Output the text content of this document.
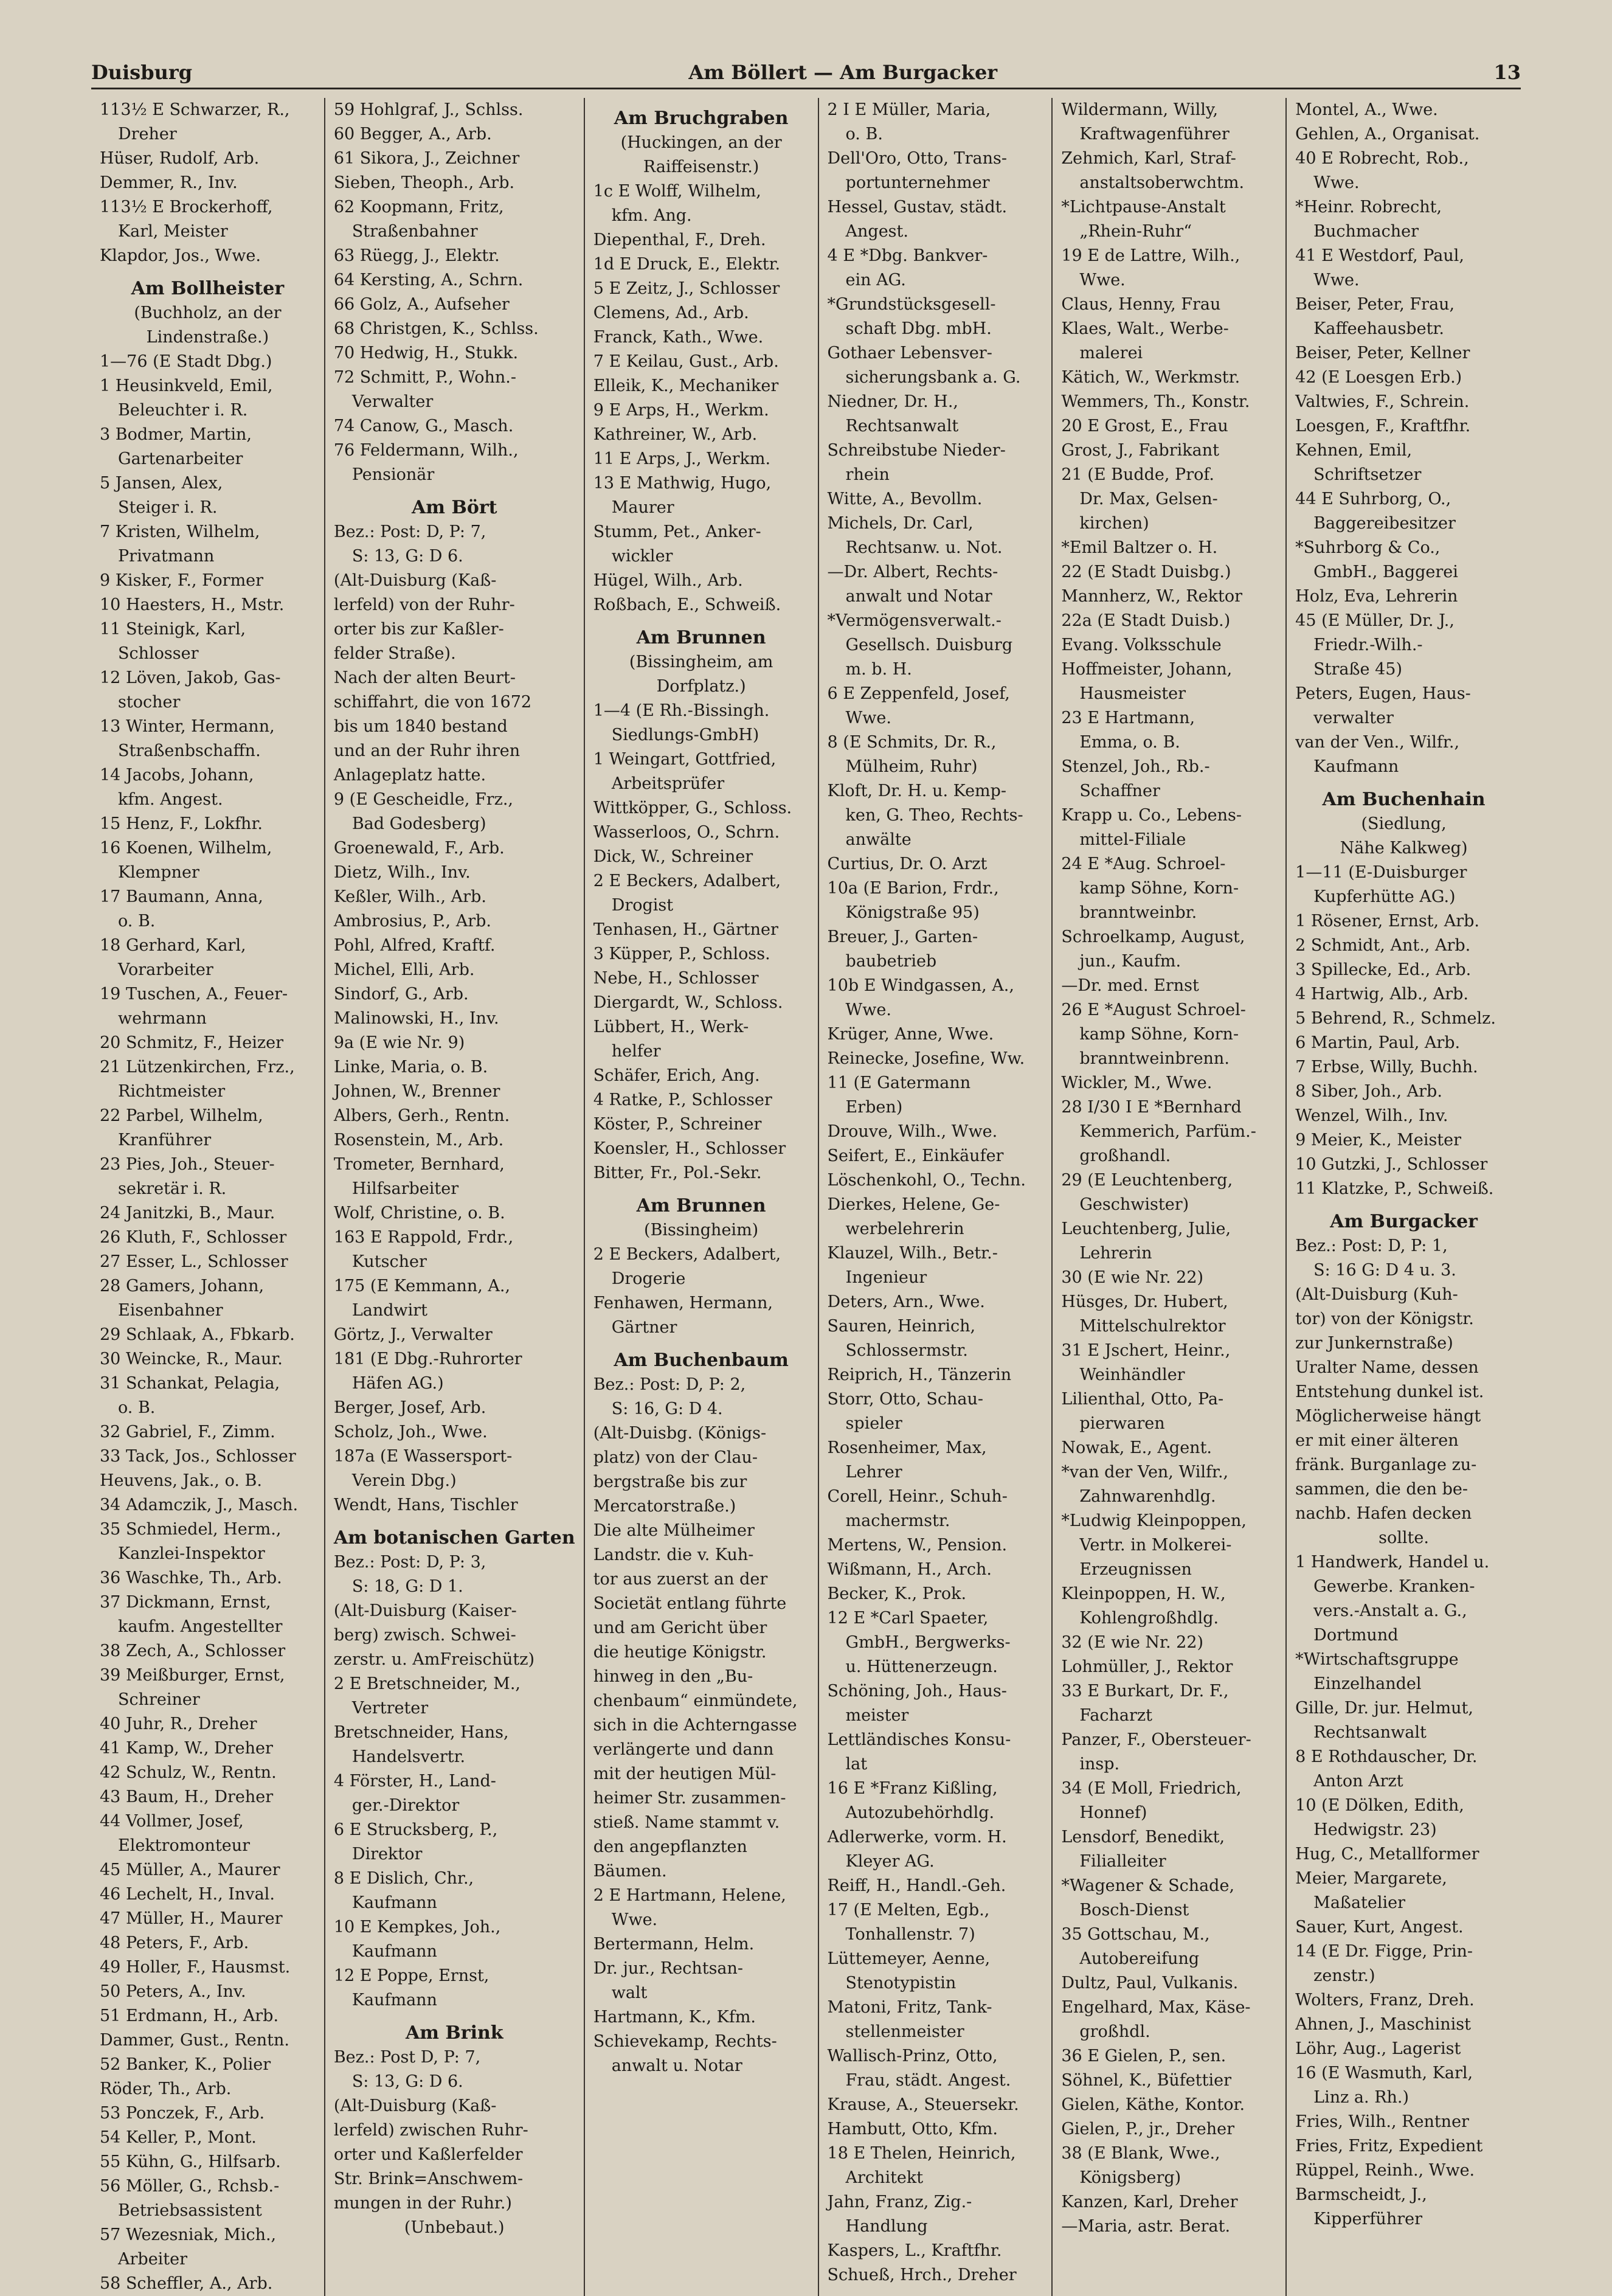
Duisburg	Am Böllert — Am Burgacker	13
113½ E Schwarzer, R.,
Dreher
Hüser, Rudolf, Arb.
Demmer, R., Inv.
113½ E Brockerhoff,
Karl, Meister
Klapdor, Jos., Wwe.
Am Bollheister
(Buchholz, an der
Lindenstraße.)
1—76 (E Stadt Dbg.)
1 Heusinkveld, Emil,
Beleuchter i. R.
3 Bodmer, Martin,
Gartenarbeiter
5 Jansen, Alex,
Steiger i. R.
7 Kristen, Wilhelm,
Privatmann
9 Kisker, F., Former
10 Haesters, H., Mstr.
11 Steinigk, Karl,
Schlosser
12 Löven, Jakob, Gas-
stocher
13 Winter, Hermann,
Straßenbschaffn.
14 Jacobs, Johann,
kfm. Angest.
15 Henz, F., Lokfhr.
16 Koenen, Wilhelm,
Klempner
17 Baumann, Anna,
o. B.
18 Gerhard, Karl,
Vorarbeiter
19 Tuschen, A., Feuer-
wehrmann
20 Schmitz, F., Heizer
21 Lützenkirchen, Frz.,
Richtmeister
22 Parbel, Wilhelm,
Kranführer
23 Pies, Joh., Steuer-
sekretär i. R.
24 Janitzki, B., Maur.
26 Kluth, F., Schlosser
27 Esser, L., Schlosser
28 Gamers, Johann,
Eisenbahner
29 Schlaak, A., Fbkarb.
30 Weincke, R., Maur.
31 Schankat, Pelagia,
o. B.
32 Gabriel, F., Zimm.
33 Tack, Jos., Schlosser
Heuvens, Jak., o. B.
34 Adamczik, J., Masch.
35 Schmiedel, Herm.,
Kanzlei-Inspektor
36 Waschke, Th., Arb.
37 Dickmann, Ernst,
kaufm. Angestellter
38 Zech, A., Schlosser
39 Meißburger, Ernst,
Schreiner
40 Juhr, R., Dreher
41 Kamp, W., Dreher
42 Schulz, W., Rentn.
43 Baum, H., Dreher
44 Vollmer, Josef,
Elektromonteur
45 Müller, A., Maurer
46 Lechelt, H., Inval.
47 Müller, H., Maurer
48 Peters, F., Arb.
49 Holler, F., Hausmst.
50 Peters, A., Inv.
51 Erdmann, H., Arb.
Dammer, Gust., Rentn.
52 Banker, K., Polier
Röder, Th., Arb.
53 Ponczek, F., Arb.
54 Keller, P., Mont.
55 Kühn, G., Hilfsarb.
56 Möller, G., Rchsb.-
Betriebsassistent
57 Wezesniak, Mich.,
Arbeiter
58 Scheffler, A., Arb.
59 Hohlgraf, J., Schlss.
60 Begger, A., Arb.
61 Sikora, J., Zeichner
Sieben, Theoph., Arb.
62 Koopmann, Fritz,
Straßenbahner
63 Rüegg, J., Elektr.
64 Kersting, A., Schrn.
66 Golz, A., Aufseher
68 Christgen, K., Schlss.
70 Hedwig, H., Stukk.
72 Schmitt, P., Wohn.-
Verwalter
74 Canow, G., Masch.
76 Feldermann, Wilh.,
Pensionär
Am Bört
Bez.: Post: D, P: 7,
S: 13, G: D 6.
(Alt-Duisburg (Kaß-
lerfeld) von der Ruhr-
orter bis zur Kaßler-
felder Straße).
Nach der alten Beurt-
schiffahrt, die von 1672
bis um 1840 bestand
und an der Ruhr ihren
Anlageplatz hatte.
9 (E Gescheidle, Frz.,
Bad Godesberg)
Groenewald, F., Arb.
Dietz, Wilh., Inv.
Keßler, Wilh., Arb.
Ambrosius, P., Arb.
Pohl, Alfred, Kraftf.
Michel, Elli, Arb.
Sindorf, G., Arb.
Malinowski, H., Inv.
9a (E wie Nr. 9)
Linke, Maria, o. B.
Johnen, W., Brenner
Albers, Gerh., Rentn.
Rosenstein, M., Arb.
Trometer, Bernhard,
Hilfsarbeiter
Wolf, Christine, o. B.
163 E Rappold, Frdr.,
Kutscher
175 (E Kemmann, A.,
Landwirt
Görtz, J., Verwalter
181 (E Dbg.-Ruhrorter
Häfen AG.)
Berger, Josef, Arb.
Scholz, Joh., Wwe.
187a (E Wassersport-
Verein Dbg.)
Wendt, Hans, Tischler
Am botanischen Garten
Bez.: Post: D, P: 3,
S: 18, G: D 1.
(Alt-Duisburg (Kaiser-
berg) zwisch. Schwei-
zerstr. u. AmFreischütz)
2 E Bretschneider, M.,
Vertreter
Bretschneider, Hans,
Handelsvertr.
4 Förster, H., Land-
ger.-Direktor
6 E Strucksberg, P.,
Direktor
8 E Dislich, Chr.,
Kaufmann
10 E Kempkes, Joh.,
Kaufmann
12 E Poppe, Ernst,
Kaufmann
Am Brink
Bez.: Post D, P: 7,
S: 13, G: D 6.
(Alt-Duisburg (Kaß-
lerfeld) zwischen Ruhr-
orter und Kaßlerfelder
Str. Brink=Anschwem-
mungen in der Ruhr.)
(Unbebaut.)
Am Bruchgraben
(Huckingen, an der
Raiffeisenstr.)
1c E Wolff, Wilhelm,
kfm. Ang.
Diepenthal, F., Dreh.
1d E Druck, E., Elektr.
5 E Zeitz, J., Schlosser
Clemens, Ad., Arb.
Franck, Kath., Wwe.
7 E Keilau, Gust., Arb.
Elleik, K., Mechaniker
9 E Arps, H., Werkm.
Kathreiner, W., Arb.
11 E Arps, J., Werkm.
13 E Mathwig, Hugo,
Maurer
Stumm, Pet., Anker-
wickler
Hügel, Wilh., Arb.
Roßbach, E., Schweiß.
Am Brunnen
(Bissingheim, am
Dorfplatz.)
1—4 (E Rh.-Bissingh.
Siedlungs-GmbH)
1 Weingart, Gottfried,
Arbeitsprüfer
Wittköpper, G., Schloss.
Wasserloos, O., Schrn.
Dick, W., Schreiner
2 E Beckers, Adalbert,
Drogist
Tenhasen, H., Gärtner
3 Küpper, P., Schloss.
Nebe, H., Schlosser
Diergardt, W., Schloss.
Lübbert, H., Werk-
helfer
Schäfer, Erich, Ang.
4 Ratke, P., Schlosser
Köster, P., Schreiner
Koensler, H., Schlosser
Bitter, Fr., Pol.-Sekr.
Am Brunnen
(Bissingheim)
2 E Beckers, Adalbert,
Drogerie
Fenhawen, Hermann,
Gärtner
Am Buchenbaum
Bez.: Post: D, P: 2,
S: 16, G: D 4.
(Alt-Duisbg. (Königs-
platz) von der Clau-
bergstraße bis zur
Mercatorstraße.)
Die alte Mülheimer
Landstr. die v. Kuh-
tor aus zuerst an der
Societät entlang führte
und am Gericht über
die heutige Königstr.
hinweg in den „Bu-
chenbaum“ einmündete,
sich in die Achterngasse
verlängerte und dann
mit der heutigen Mül-
heimer Str. zusammen-
stieß. Name stammt v.
den angepflanzten
Bäumen.
2 E Hartmann, Helene,
Wwe.
Bertermann, Helm.
Dr. jur., Rechtsan-
walt
Hartmann, K., Kfm.
Schievekamp, Rechts-
anwalt u. Notar
2 I E Müller, Maria,
o. B.
Dell'Oro, Otto, Trans-
portunternehmer
Hessel, Gustav, städt.
Angest.
4 E *Dbg. Bankver-
ein AG.
*Grundstücksgesell-
schaft Dbg. mbH.
Gothaer Lebensver-
sicherungsbank a. G.
Niedner, Dr. H.,
Rechtsanwalt
Schreibstube Nieder-
rhein
Witte, A., Bevollm.
Michels, Dr. Carl,
Rechtsanw. u. Not.
—Dr. Albert, Rechts-
anwalt und Notar
*Vermögensverwalt.-
Gesellsch. Duisburg
m. b. H.
6 E Zeppenfeld, Josef,
Wwe.
8 (E Schmits, Dr. R.,
Mülheim, Ruhr)
Kloft, Dr. H. u. Kemp-
ken, G. Theo, Rechts-
anwälte
Curtius, Dr. O. Arzt
10a (E Barion, Frdr.,
Königstraße 95)
Breuer, J., Garten-
baubetrieb
10b E Windgassen, A.,
Wwe.
Krüger, Anne, Wwe.
Reinecke, Josefine, Ww.
11 (E Gatermann
Erben)
Drouve, Wilh., Wwe.
Seifert, E., Einkäufer
Löschenkohl, O., Techn.
Dierkes, Helene, Ge-
werbelehrerin
Klauzel, Wilh., Betr.-
Ingenieur
Deters, Arn., Wwe.
Sauren, Heinrich,
Schlossermstr.
Reiprich, H., Tänzerin
Storr, Otto, Schau-
spieler
Rosenheimer, Max,
Lehrer
Corell, Heinr., Schuh-
machermstr.
Mertens, W., Pension.
Wißmann, H., Arch.
Becker, K., Prok.
12 E *Carl Spaeter,
GmbH., Bergwerks-
u. Hüttenerzeugn.
Schöning, Joh., Haus-
meister
Lettländisches Konsu-
lat
16 E *Franz Kißling,
Autozubehörhdlg.
Adlerwerke, vorm. H.
Kleyer AG.
Reiff, H., Handl.-Geh.
17 (E Melten, Egb.,
Tonhallenstr. 7)
Lüttemeyer, Aenne,
Stenotypistin
Matoni, Fritz, Tank-
stellenmeister
Wallisch-Prinz, Otto,
Frau, städt. Angest.
Krause, A., Steuersekr.
Hambutt, Otto, Kfm.
18 E Thelen, Heinrich,
Architekt
Jahn, Franz, Zig.-
Handlung
Kaspers, L., Kraftfhr.
Schueß, Hrch., Dreher
Wildermann, Willy,
Kraftwagenführer
Zehmich, Karl, Straf-
anstaltsoberwchtm.
*Lichtpause-Anstalt
„Rhein-Ruhr“
19 E de Lattre, Wilh.,
Wwe.
Claus, Henny, Frau
Klaes, Walt., Werbe-
malerei
Kätich, W., Werkmstr.
Wemmers, Th., Konstr.
20 E Grost, E., Frau
Grost, J., Fabrikant
21 (E Budde, Prof.
Dr. Max, Gelsen-
kirchen)
*Emil Baltzer o. H.
22 (E Stadt Duisbg.)
Mannherz, W., Rektor
22a (E Stadt Duisb.)
Evang. Volksschule
Hoffmeister, Johann,
Hausmeister
23 E Hartmann,
Emma, o. B.
Stenzel, Joh., Rb.-
Schaffner
Krapp u. Co., Lebens-
mittel-Filiale
24 E *Aug. Schroel-
kamp Söhne, Korn-
branntweinbr.
Schroelkamp, August,
jun., Kaufm.
—Dr. med. Ernst
26 E *August Schroel-
kamp Söhne, Korn-
branntweinbrenn.
Wickler, M., Wwe.
28 I/30 I E *Bernhard
Kemmerich, Parfüm.-
großhandl.
29 (E Leuchtenberg,
Geschwister)
Leuchtenberg, Julie,
Lehrerin
30 (E wie Nr. 22)
Hüsges, Dr. Hubert,
Mittelschulrektor
31 E Jschert, Heinr.,
Weinhändler
Lilienthal, Otto, Pa-
pierwaren
Nowak, E., Agent.
*van der Ven, Wilfr.,
Zahnwarenhdlg.
*Ludwig Kleinpoppen,
Vertr. in Molkerei-
Erzeugnissen
Kleinpoppen, H. W.,
Kohlengroßhdlg.
32 (E wie Nr. 22)
Lohmüller, J., Rektor
33 E Burkart, Dr. F.,
Facharzt
Panzer, F., Obersteuer-
insp.
34 (E Moll, Friedrich,
Honnef)
Lensdorf, Benedikt,
Filialleiter
*Wagener & Schade,
Bosch-Dienst
35 Gottschau, M.,
Autobereifung
Dultz, Paul, Vulkanis.
Engelhard, Max, Käse-
großhdl.
36 E Gielen, P., sen.
Söhnel, K., Büfettier
Gielen, Käthe, Kontor.
Gielen, P., jr., Dreher
38 (E Blank, Wwe.,
Königsberg)
Kanzen, Karl, Dreher
—Maria, astr. Berat.
Montel, A., Wwe.
Gehlen, A., Organisat.
40 E Robrecht, Rob.,
Wwe.
*Heinr. Robrecht,
Buchmacher
41 E Westdorf, Paul,
Wwe.
Beiser, Peter, Frau,
Kaffeehausbetr.
Beiser, Peter, Kellner
42 (E Loesgen Erb.)
Valtwies, F., Schrein.
Loesgen, F., Kraftfhr.
Kehnen, Emil,
Schriftsetzer
44 E Suhrborg, O.,
Baggereibesitzer
*Suhrborg & Co.,
GmbH., Baggerei
Holz, Eva, Lehrerin
45 (E Müller, Dr. J.,
Friedr.-Wilh.-
Straße 45)
Peters, Eugen, Haus-
verwalter
van der Ven., Wilfr.,
Kaufmann
Am Buchenhain
(Siedlung,
Nähe Kalkweg)
1—11 (E-Duisburger
Kupferhütte AG.)
1 Rösener, Ernst, Arb.
2 Schmidt, Ant., Arb.
3 Spillecke, Ed., Arb.
4 Hartwig, Alb., Arb.
5 Behrend, R., Schmelz.
6 Martin, Paul, Arb.
7 Erbse, Willy, Buchh.
8 Siber, Joh., Arb.
Wenzel, Wilh., Inv.
9 Meier, K., Meister
10 Gutzki, J., Schlosser
11 Klatzke, P., Schweiß.
Am Burgacker
Bez.: Post: D, P: 1,
S: 16 G: D 4 u. 3.
(Alt-Duisburg (Kuh-
tor) von der Königstr.
zur Junkernstraße)
Uralter Name, dessen
Entstehung dunkel ist.
Möglicherweise hängt
er mit einer älteren
fränk. Burganlage zu-
sammen, die den be-
nachb. Hafen decken
sollte.
1 Handwerk, Handel u.
Gewerbe. Kranken-
vers.-Anstalt a. G.,
Dortmund
*Wirtschaftsgruppe
Einzelhandel
Gille, Dr. jur. Helmut,
Rechtsanwalt
8 E Rothdauscher, Dr.
Anton Arzt
10 (E Dölken, Edith,
Hedwigstr. 23)
Hug, C., Metallformer
Meier, Margarete,
Maßatelier
Sauer, Kurt, Angest.
14 (E Dr. Figge, Prin-
zenstr.)
Wolters, Franz, Dreh.
Ahnen, J., Maschinist
Löhr, Aug., Lagerist
16 (E Wasmuth, Karl,
Linz a. Rh.)
Fries, Wilh., Rentner
Fries, Fritz, Expedient
Rüppel, Reinh., Wwe.
Barmscheidt, J.,
Kipperführer
